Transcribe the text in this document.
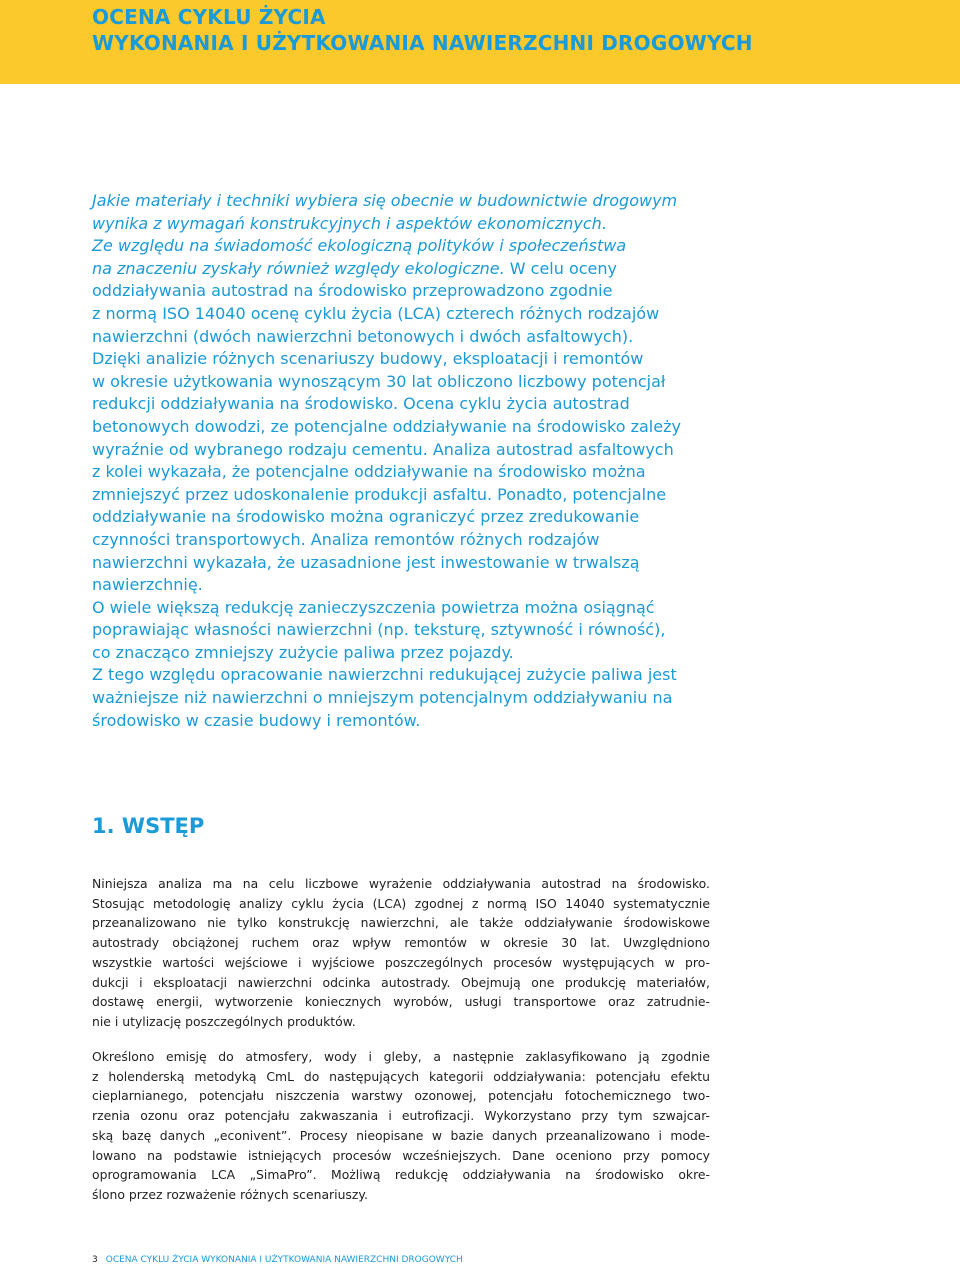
OCENA CYKLU ŻYCIA

WYKONANIA I UŻYTKOWANIA NAWIERZCHNI DROGOWYCH

Jakie materiały i techniki wybiera się obecnie w budownictwie drogowym
wynika z wymagań konstrukcyjnych i aspektów ekonomicznych.
Ze względu na świadomość ekologiczną polityków i społeczeństwa
na znaczeniu zyskały również względy ekologiczne. W celu oceny
oddziaływania autostrad na środowisko przeprowadzono zgodnie
z normą ISO 14040 ocenę cyklu życia (LCA) czterech różnych rodzajów
nawierzchni (dwóch nawierzchni betonowych i dwóch asfaltowych).
Dzięki analizie różnych scenariuszy budowy, eksploatacji i remontów
w okresie użytkowania wynoszącym 30 lat obliczono liczbowy potencjał
redukcji oddziaływania na środowisko. Ocena cyklu życia autostrad
betonowych dowodzi, ze potencjalne oddziaływanie na środowisko zależy
wyraźnie od wybranego rodzaju cementu. Analiza autostrad asfaltowych
z kolei wykazała, że potencjalne oddziaływanie na środowisko można
zmniejszyć przez udoskonalenie produkcji asfaltu. Ponadto, potencjalne
oddziaływanie na środowisko można ograniczyć przez zredukowanie
czynności transportowych. Analiza remontów różnych rodzajów
nawierzchni wykazała, że uzasadnione jest inwestowanie w trwalszą
nawierzchnię.
O wiele większą redukcję zanieczyszczenia powietrza można osiągnąć
poprawiając własności nawierzchni (np. teksturę, sztywność i równość),
co znacząco zmniejszy zużycie paliwa przez pojazdy.
Z tego względu opracowanie nawierzchni redukującej zużycie paliwa jest
ważniejsze niż nawierzchni o mniejszym potencjalnym oddziaływaniu na
środowisko w czasie budowy i remontów.
1. WSTĘP
Niniejsza analiza ma na celu liczbowe wyrażenie oddziaływania autostrad na środowisko.
Stosując metodologię analizy cyklu życia (LCA) zgodnej z normą ISO 14040 systematycznie
przeanalizowano nie tylko konstrukcję nawierzchni, ale także oddziaływanie środowiskowe
autostrady obciążonej ruchem oraz wpływ remontów w okresie 30 lat. Uwzględniono
wszystkie wartości wejściowe i wyjściowe poszczególnych procesów występujących w pro-
dukcji i eksploatacji nawierzchni odcinka autostrady. Obejmują one produkcję materiałów,
dostawę energii, wytworzenie koniecznych wyrobów, usługi transportowe oraz zatrudnie-
nie i utylizację poszczególnych produktów.
Określono emisję do atmosfery, wody i gleby, a następnie zaklasyfikowano ją zgodnie
z holenderską metodyką CmL do następujących kategorii oddziaływania: potencjału efektu
cieplarnianego, potencjału niszczenia warstwy ozonowej, potencjału fotochemicznego two-
rzenia ozonu oraz potencjału zakwaszania i eutrofizacji. Wykorzystano przy tym szwajcar-
ską bazę danych „econivent”. Procesy nieopisane w bazie danych przeanalizowano i mode-
lowano na podstawie istniejących procesów wcześniejszych. Dane oceniono przy pomocy
oprogramowania LCA „SimaPro”. Możliwą redukcję oddziaływania na środowisko okre-
ślono przez rozważenie różnych scenariuszy.

3 OCENA CYKLU ŻYCIA WYKONANIA I UŻYTKOWANIA NAWIERZCHNI DROGOWYCH
